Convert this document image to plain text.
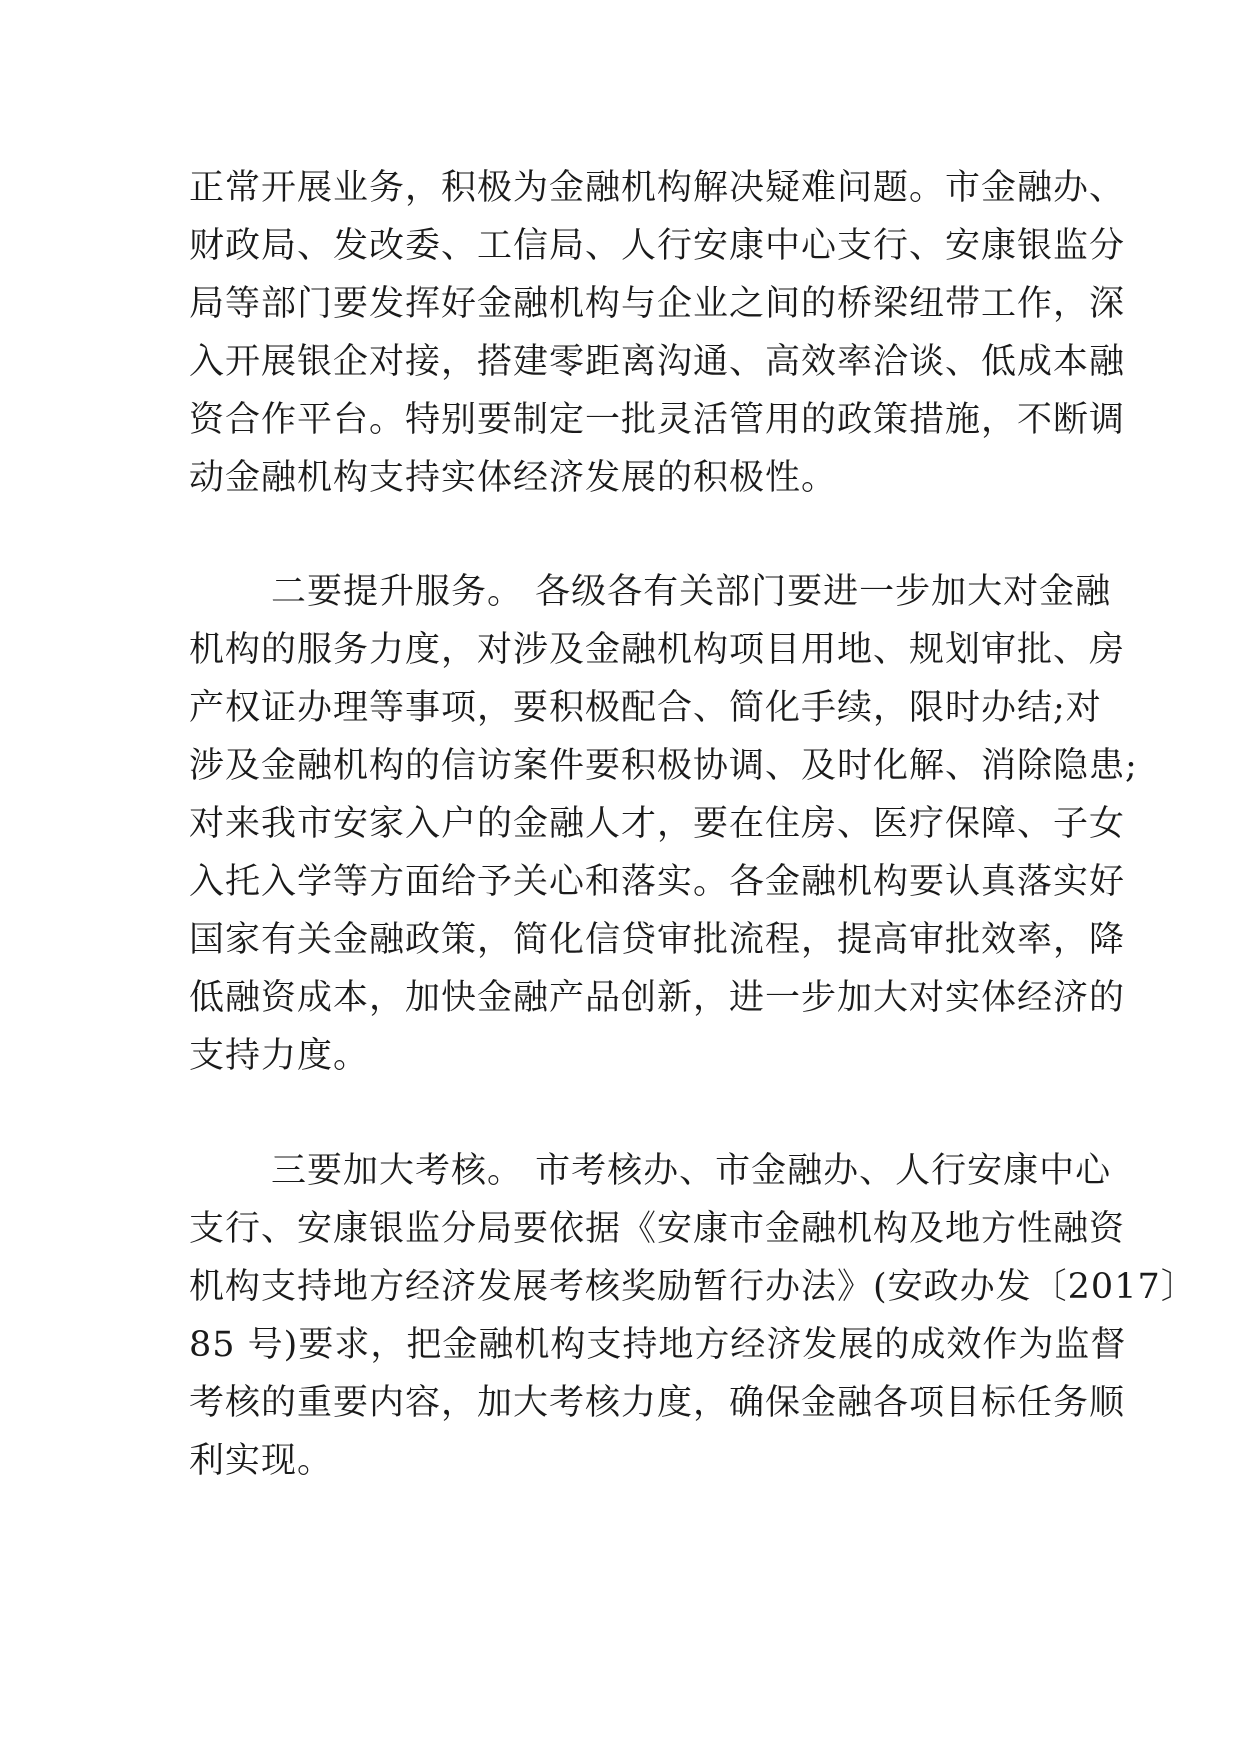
正常开展业务，积极为金融机构解决疑难问题。市金融办、
财政局、发改委、工信局、人行安康中心支行、安康银监分
局等部门要发挥好金融机构与企业之间的桥梁纽带工作，深
入开展银企对接，搭建零距离沟通、高效率洽谈、低成本融
资合作平台。特别要制定一批灵活管用的政策措施，不断调
动金融机构支持实体经济发展的积极性。
二要提升服务。 各级各有关部门要进一步加大对金融
机构的服务力度，对涉及金融机构项目用地、规划审批、房
产权证办理等事项，要积极配合、简化手续，限时办结;对
涉及金融机构的信访案件要积极协调、及时化解、消除隐患;
对来我市安家入户的金融人才，要在住房、医疗保障、子女
入托入学等方面给予关心和落实。各金融机构要认真落实好
国家有关金融政策，简化信贷审批流程，提高审批效率，降
低融资成本，加快金融产品创新，进一步加大对实体经济的
支持力度。
三要加大考核。 市考核办、市金融办、人行安康中心
支行、安康银监分局要依据《安康市金融机构及地方性融资
机构支持地方经济发展考核奖励暂行办法》(安政办发〔2017〕
85 号)要求，把金融机构支持地方经济发展的成效作为监督
考核的重要内容，加大考核力度，确保金融各项目标任务顺
利实现。
